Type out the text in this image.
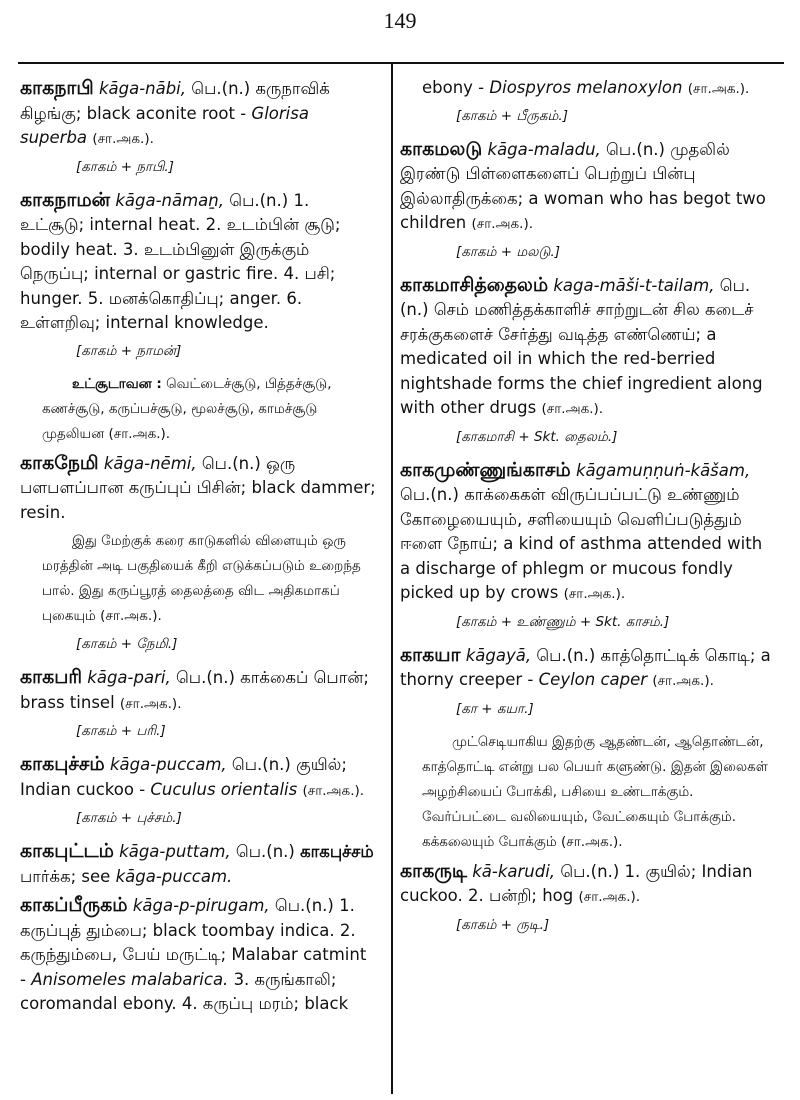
149
காகநாபி kāga-nābi, பெ.(n.) கருநாவிக் கிழங்கு; black aconite root - Glorisa superba (சா.அக.).
[காகம் + நாபி.]
காகநாமன் kāga-nāmaṉ, பெ.(n.) 1. உட்சூடு; internal heat. 2. உடம்பின் சூடு; bodily heat. 3. உடம்பினுள் இருக்கும் நெருப்பு; internal or gastric fire. 4. பசி; hunger. 5. மனக்கொதிப்பு; anger. 6. உள்ளறிவு; internal knowledge.
[காகம் + நாமன்]
உட்சூடாவன : வெட்டைச்சூடு, பித்தச்சூடு, கணச்சூடு, கருப்பச்சூடு, மூலச்சூடு, காமச்சூடு முதலியன (சா.அக.).
காகநேமி kāga-nēmi, பெ.(n.) ஒரு பளபளப்பான கருப்புப் பிசின்; black dammer; resin.
இது மேற்குக் கரை காடுகளில் விளையும் ஒரு மரத்தின் அடி பகுதியைக் கீறி எடுக்கப்படும் உறைந்த பால். இது கருப்பூரத் தைலத்தை விட அதிகமாகப் புகையும் (சா.அக.).
[காகம் + நேமி.]
காகபரி kāga-pari, பெ.(n.) காக்கைப் பொன்; brass tinsel (சா.அக.).
[காகம் + பரி.]
காகபுச்சம் kāga-puccam, பெ.(n.) குயில்; Indian cuckoo - Cuculus orientalis (சா.அக.).
[காகம் + புச்சம்.]
காகபுட்டம் kāga-puttam, பெ.(n.) காகபுச்சம் பார்க்க; see kāga-puccam.
காகப்பீருகம் kāga-p-pirugam, பெ.(n.) 1. கருப்புத் தும்பை; black toombay indica. 2. கருந்தும்பை, பேய் மருட்டி; Malabar catmint - Anisomeles malabarica. 3. கருங்காலி; coromandal ebony. 4. கருப்பு மரம்; black
ebony - Diospyros melanoxylon (சா.அக.).
[காகம் + பீருகம்.]
காகமலடு kāga-maladu, பெ.(n.) முதலில் இரண்டு பிள்ளைகளைப் பெற்றுப் பின்பு இல்லாதிருக்கை; a woman who has begot two children (சா.அக.).
[காகம் + மலடு.]
காகமாசித்தைலம் kaga-māši-t-tailam, பெ.(n.) செம் மணித்தக்காளிச் சாற்றுடன் சில கடைச் சரக்குகளைச் சேர்த்து வடித்த எண்ணெய்; a medicated oil in which the red-berried nightshade forms the chief ingredient along with other drugs (சா.அக.).
[காகமாசி + Skt. தைலம்.]
காகமுண்ணுங்காசம் kāgamuṇṇuṅ-kāšam, பெ.(n.) காக்கைகள் விருப்பப்பட்டு உண்ணும் கோழையையும், சளியையும் வெளிப்படுத்தும் ஈளை நோய்; a kind of asthma attended with a discharge of phlegm or mucous fondly picked up by crows (சா.அக.).
[காகம் + உண்ணும் + Skt. காசம்.]
காகயா kāgayā, பெ.(n.) காத்தொட்டிக் கொடி; a thorny creeper - Ceylon caper (சா.அக.).
[கா + கயா.]
முட்செடியாகிய இதற்கு ஆதண்டன், ஆதொண்டன், காத்தொட்டி என்று பல பெயர் களுண்டு. இதன் இலைகள் அழற்சியைப் போக்கி, பசியை உண்டாக்கும். வேர்ப்பட்டை வலியையும், வேட்கையும் போக்கும். கக்கலையும் போக்கும் (சா.அக.).
காகருடி kā-karudi, பெ.(n.) 1. குயில்; Indian cuckoo. 2. பன்றி; hog (சா.அக.).
[காகம் + ருடி.]
